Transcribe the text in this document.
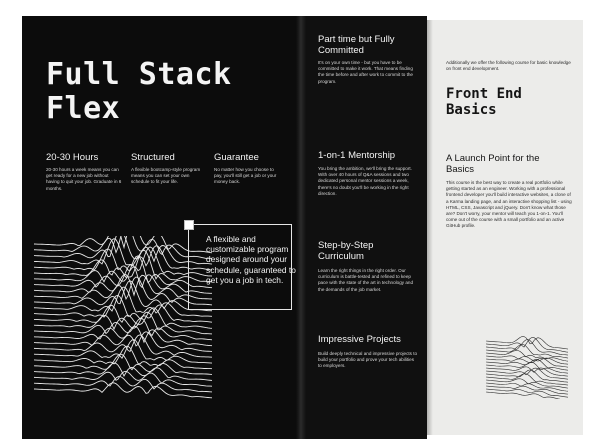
Full Stack Flex

20-30 Hours

20-30 hours a week means you can get ready for a new job without having to quit your job. Graduate in 6 months.

Structured

A flexible bootcamp-style program means you can set your own schedule to fit your life.

Guarantee

No matter how you choose to pay, you'll still get a job or your money back.

A flexible and customizable program designed around your schedule, guaranteed to get you a job in tech.

Part time but Fully Committed

It's on your own time - but you have to be committed to make it work. That means finding the time before and after work to commit to the program.

1-on-1 Mentorship

You bring the ambition, we'll bring the support. With over 40 hours of Q&A sessions and two dedicated personal mentor sessions a week, there's no doubt you'll be working in the right direction.

Step-by-Step Curriculum

Learn the right things in the right order. Our curriculum is battle-tested and refined to keep pace with the state of the art in technology and the demands of the job market.

Impressive Projects

Build deeply technical and impressive projects to build your portfolio and prove your tech abilities to employers.

Additionally we offer the following course for basic knowledge on front end development.

Front End Basics

A Launch Point for the Basics

This course is the best way to create a real portfolio while getting started as an engineer. Working with a professional frontend developer you'll build interactive websites, a clone of a Karma landing page, and an interactive shopping list - using HTML, CSS, Javascript and jQuery. Don't know what those are? Don't worry, your mentor will teach you 1-on-1. You'll come out of the course with a small portfolio and an active GitHub profile.
